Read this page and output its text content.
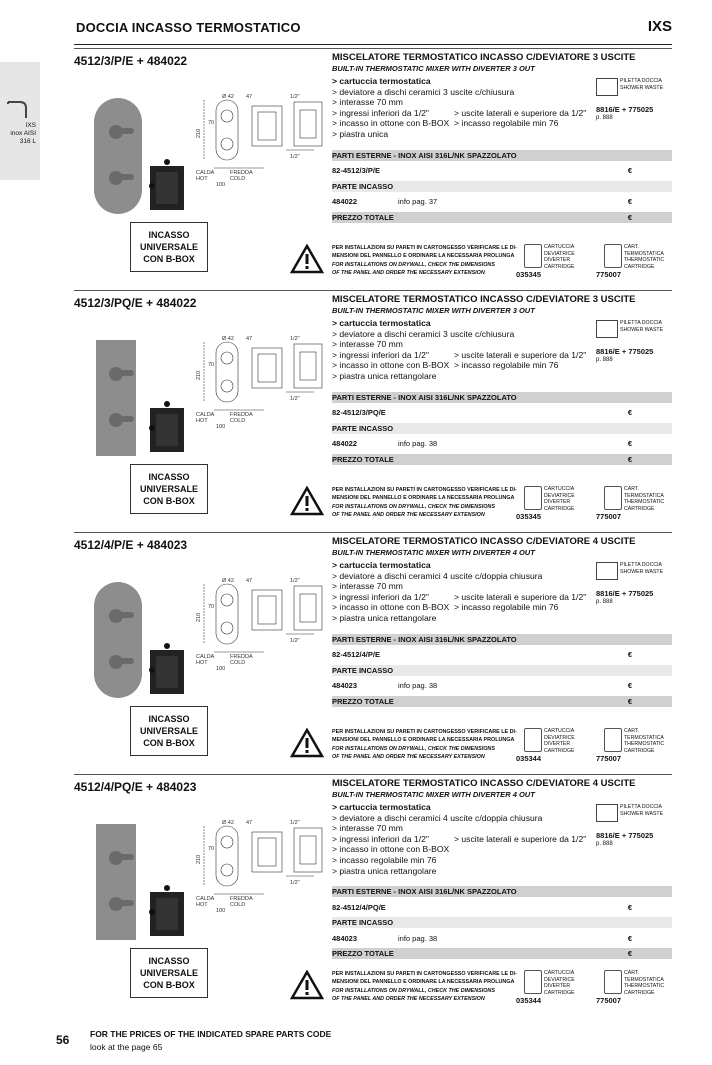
DOCCIA INCASSO TERMOSTATICO	IXS
IXS
inox AISI
316 L
4512/3/P/E + 484022
Ø 42 47	1/2"
210
70
CALDA
HOT
FREDDA
COLD
100
1/2"
INCASSO
UNIVERSALE
CON B-BOX
MISCELATORE TERMOSTATICO INCASSO C/DEVIATORE 3 USCITE
BUILT-IN THERMOSTATIC MIXER WITH DIVERTER 3 OUT
> cartuccia termostatica
> deviatore a dischi ceramici 3 uscite c/chiusura
> interasse 70 mm
> ingressi inferiori da 1/2"	> uscite laterali e superiore da 1/2"
> incasso in ottone con B-BOX > incasso regolabile min 76
> piastra unica
PILETTA DOCCIA SHOWER WASTE
8816/E + 775025
p. 888
PARTI ESTERNE - INOX AISI 316L/NK SPAZZOLATO
82-4512/3/P/E	€
PARTE INCASSO
484022	info pag. 37	€
PREZZO TOTALE	€
PER INSTALLAZIONI SU PARETI IN CARTONGESSO VERIFICARE LE DI-
MENSIONI DEL PANNELLO E ORDINARE LA NECESSARIA PROLUNGA
FOR INSTALLATIONS ON DRYWALL, CHECK THE DIMENSIONS
OF THE PANEL AND ORDER THE NECESSARY EXTENSION
CARTUCCIA DEVIATRICE DIVERTER CARTRIDGE
035345
CART. TERMOSTATICA THERMOSTATIC CARTRIDGE
775007
4512/3/PQ/E + 484022
Ø 42 47	1/2"
210
70
CALDA
HOT
FREDDA
COLD
100
1/2"
INCASSO
UNIVERSALE
CON B-BOX
MISCELATORE TERMOSTATICO INCASSO C/DEVIATORE 3 USCITE
BUILT-IN THERMOSTATIC MIXER WITH DIVERTER 3 OUT
> cartuccia termostatica
> deviatore a dischi ceramici 3 uscite c/chiusura
> interasse 70 mm
> ingressi inferiori da 1/2"	> uscite laterali e superiore da 1/2"
> incasso in ottone con B-BOX > incasso regolabile min 76
> piastra unica rettangolare
PILETTA DOCCIA SHOWER WASTE
8816/E + 775025
p. 888
PARTI ESTERNE - INOX AISI 316L/NK SPAZZOLATO
82-4512/3/PQ/E	€
PARTE INCASSO
484022	info pag. 38	€
PREZZO TOTALE	€
PER INSTALLAZIONI SU PARETI IN CARTONGESSO VERIFICARE LE DI-
MENSIONI DEL PANNELLO E ORDINARE LA NECESSARIA PROLUNGA
FOR INSTALLATIONS ON DRYWALL, CHECK THE DIMENSIONS
OF THE PANEL AND ORDER THE NECESSARY EXTENSION
CARTUCCIA DEVIATRICE DIVERTER CARTRIDGE
035345
CART. TERMOSTATICA THERMOSTATIC CARTRIDGE
775007
4512/4/P/E + 484023
Ø 42 47	1/2"
210
70
CALDA
HOT
FREDDA
COLD
100
1/2"
INCASSO
UNIVERSALE
CON B-BOX
MISCELATORE TERMOSTATICO INCASSO C/DEVIATORE 4 USCITE
BUILT-IN THERMOSTATIC MIXER WITH DIVERTER 4 OUT
> cartuccia termostatica
> deviatore a dischi ceramici 4 uscite c/doppia chiusura
> interasse 70 mm
> ingressi inferiori da 1/2"	> uscite laterali e superiore da 1/2"
> incasso in ottone con B-BOX > incasso regolabile min 76
> piastra unica rettangolare
PILETTA DOCCIA SHOWER WASTE
8816/E + 775025
p. 888
PARTI ESTERNE - INOX AISI 316L/NK SPAZZOLATO
82-4512/4/P/E	€
PARTE INCASSO
484023	info pag. 38	€
PREZZO TOTALE	€
PER INSTALLAZIONI SU PARETI IN CARTONGESSO VERIFICARE LE DI-
MENSIONI DEL PANNELLO E ORDINARE LA NECESSARIA PROLUNGA
FOR INSTALLATIONS ON DRYWALL, CHECK THE DIMENSIONS
OF THE PANEL AND ORDER THE NECESSARY EXTENSION
CARTUCCIA DEVIATRICE DIVERTER CARTRIDGE
035344
CART. TERMOSTATICA THERMOSTATIC CARTRIDGE
775007
4512/4/PQ/E + 484023
Ø 42 47	1/2"
210
70
CALDA
HOT
FREDDA
COLD
100
1/2"
INCASSO
UNIVERSALE
CON B-BOX
MISCELATORE TERMOSTATICO INCASSO C/DEVIATORE 4 USCITE
BUILT-IN THERMOSTATIC MIXER WITH DIVERTER 4 OUT
> cartuccia termostatica
> deviatore a dischi ceramici 4 uscite c/doppia chiusura
> interasse 70 mm
> ingressi inferiori da 1/2"	> uscite laterali e superiore da 1/2"
> incasso in ottone con B-BOX
> incasso regolabile min 76
> piastra unica rettangolare
PILETTA DOCCIA SHOWER WASTE
8816/E + 775025
p. 888
PARTI ESTERNE - INOX AISI 316L/NK SPAZZOLATO
82-4512/4/PQ/E	€
PARTE INCASSO
484023	info pag. 38	€
PREZZO TOTALE	€
PER INSTALLAZIONI SU PARETI IN CARTONGESSO VERIFICARE LE DI-
MENSIONI DEL PANNELLO E ORDINARE LA NECESSARIA PROLUNGA
FOR INSTALLATIONS ON DRYWALL, CHECK THE DIMENSIONS
OF THE PANEL AND ORDER THE NECESSARY EXTENSION
CARTUCCIA DEVIATRICE DIVERTER CARTRIDGE
035344
CART. TERMOSTATICA THERMOSTATIC CARTRIDGE
775007
56 FOR THE PRICES OF THE INDICATED SPARE PARTS CODE
look at the page 65
